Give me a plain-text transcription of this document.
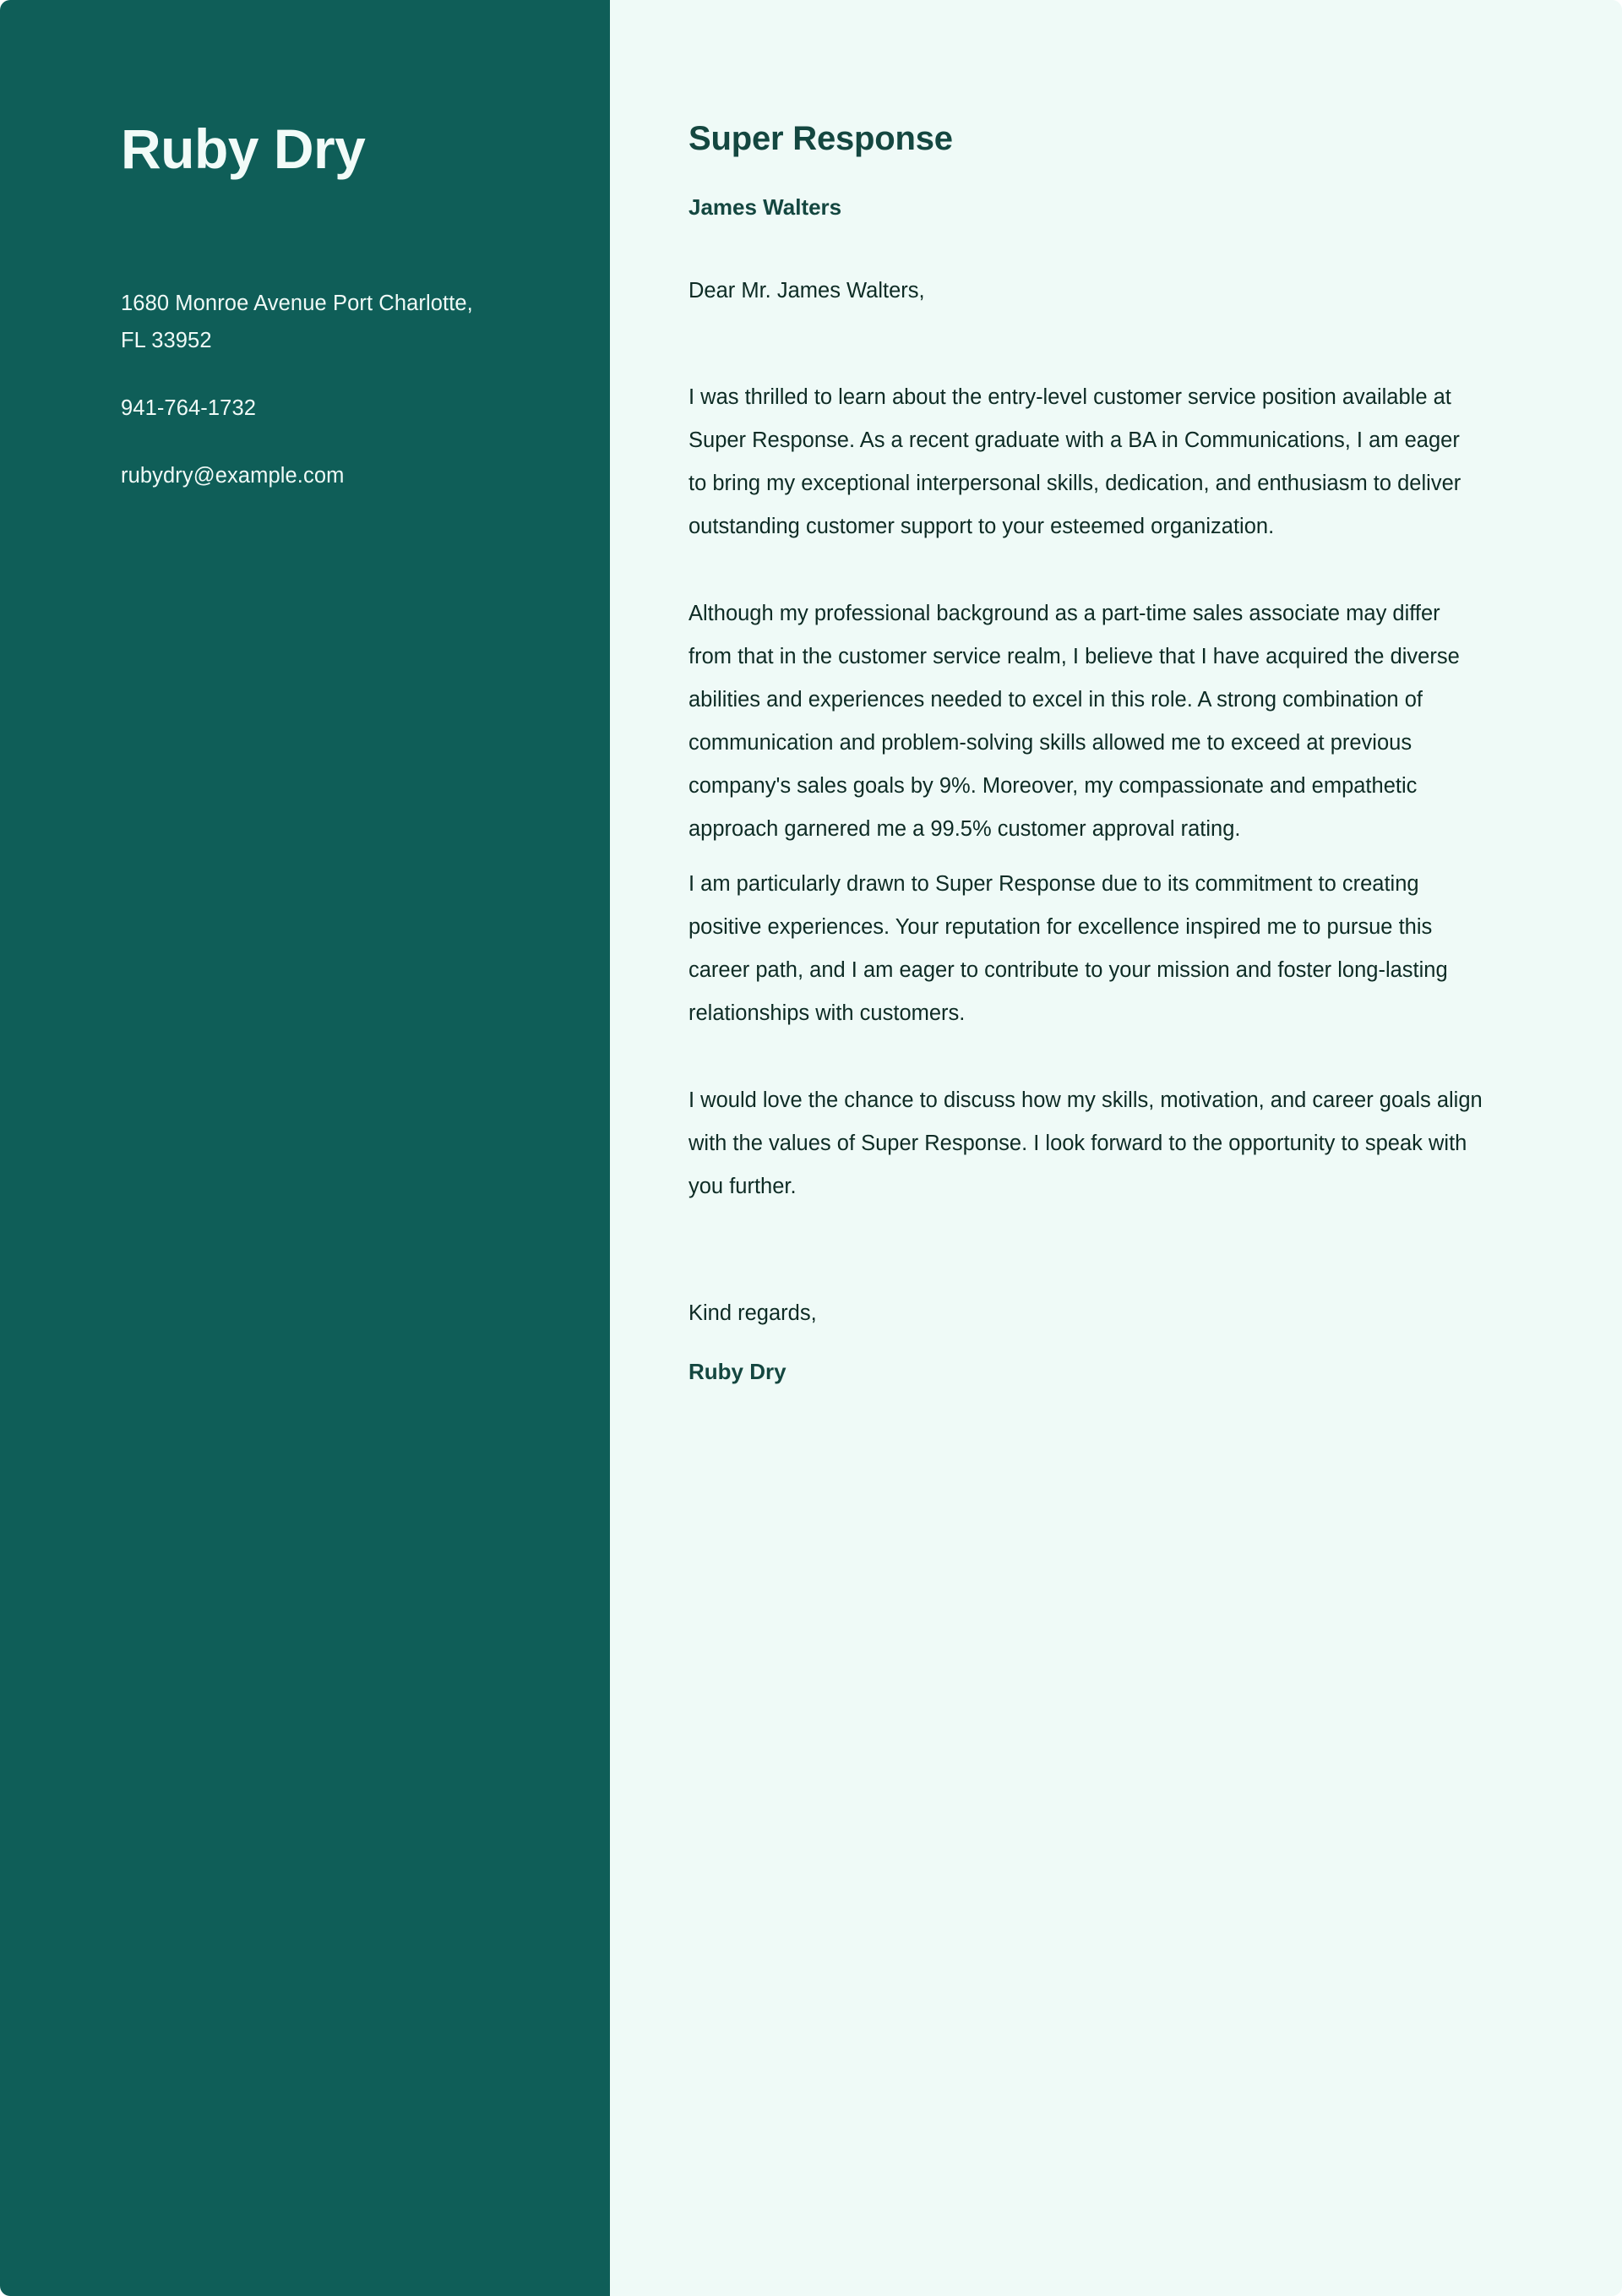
Ruby Dry

1680 Monroe Avenue Port Charlotte,

FL 33952

941-764-1732

rubydry@example.com

Super Response
James Walters

Dear Mr. James Walters,

I was thrilled to learn about the entry-level customer service position available at Super Response. As a recent graduate with a BA in Communications, I am eager to bring my exceptional interpersonal skills, dedication, and enthusiasm to deliver outstanding customer support to your esteemed organization.

Although my professional background as a part-time sales associate may differ from that in the customer service realm, I believe that I have acquired the diverse abilities and experiences needed to excel in this role. A strong combination of communication and problem-solving skills allowed me to exceed at previous company's sales goals by 9%. Moreover, my compassionate and empathetic approach garnered me a 99.5% customer approval rating.

I am particularly drawn to Super Response due to its commitment to creating positive experiences. Your reputation for excellence inspired me to pursue this career path, and I am eager to contribute to your mission and foster long-lasting relationships with customers.

I would love the chance to discuss how my skills, motivation, and career goals align with the values of Super Response. I look forward to the opportunity to speak with you further.

Kind regards,

Ruby Dry
